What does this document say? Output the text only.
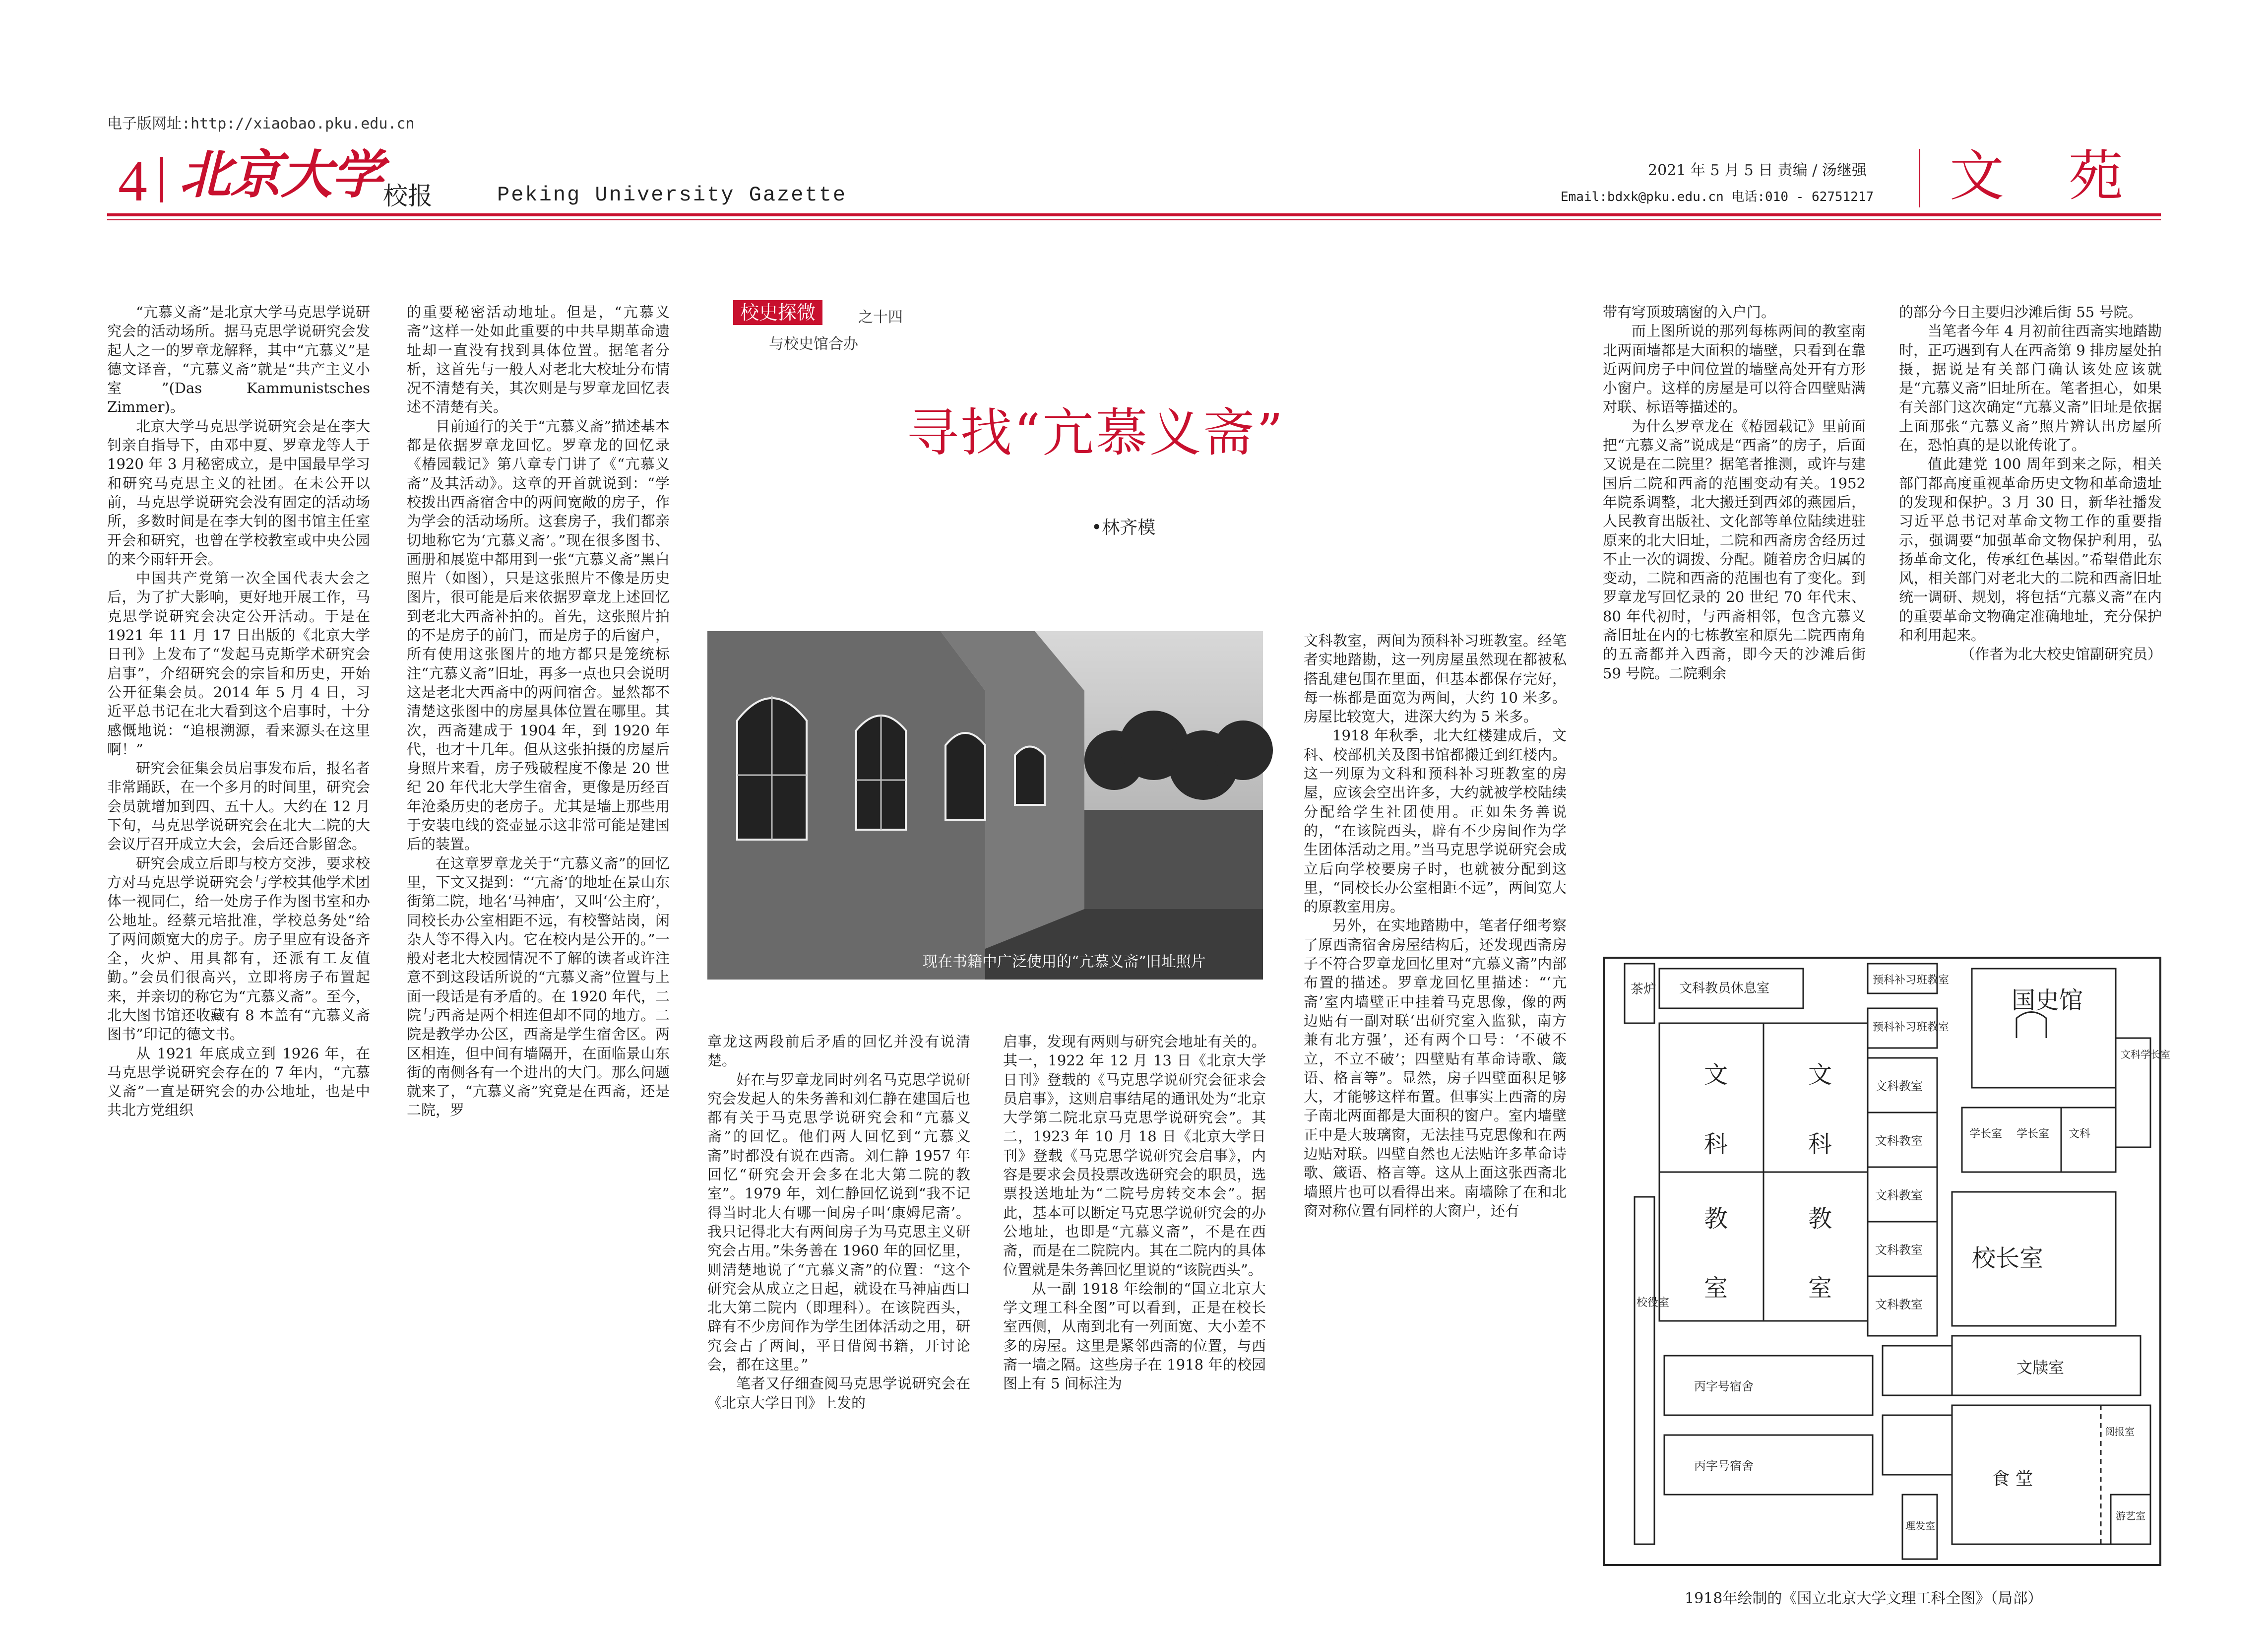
电子版网址:http://xiaobao.pku.edu.cn
4 北京大学 校报	Peking University Gazette
2021 年 5 月 5 日 责编 / 汤继强
Email:bdxk@pku.edu.cn 电话:010 - 62751217 文苑
校史探微	之十四
与校史馆合办
寻找“亢慕义斋”
•林齐模

“亢慕义斋”是北京大学马克思学说研究会的活动场所。据马克思学说研究会发起人之一的罗章龙解释，其中“亢慕义”是德文译音，“亢慕义斋”就是“共产主义小室”(Das Kammunistsches Zimmer)。

北京大学马克思学说研究会是在李大钊亲自指导下，由邓中夏、罗章龙等人于 1920 年 3 月秘密成立，是中国最早学习和研究马克思主义的社团。在未公开以前，马克思学说研究会没有固定的活动场所，多数时间是在李大钊的图书馆主任室开会和研究，也曾在学校教室或中央公园的来今雨轩开会。

中国共产党第一次全国代表大会之后，为了扩大影响，更好地开展工作，马克思学说研究会决定公开活动。于是在 1921 年 11 月 17 日出版的《北京大学日刊》上发布了“发起马克斯学术研究会启事”，介绍研究会的宗旨和历史，开始公开征集会员。2014 年 5 月 4 日，习近平总书记在北大看到这个启事时，十分感慨地说：“追根溯源，看来源头在这里啊！”

研究会征集会员启事发布后，报名者非常踊跃，在一个多月的时间里，研究会会员就增加到四、五十人。大约在 12 月下旬，马克思学说研究会在北大二院的大会议厅召开成立大会，会后还合影留念。

研究会成立后即与校方交涉，要求校方对马克思学说研究会与学校其他学术团体一视同仁，给一处房子作为图书室和办公地址。经蔡元培批准，学校总务处“给了两间颇宽大的房子。房子里应有设备齐全，火炉、用具都有，还派有工友值勤。”会员们很高兴，立即将房子布置起来，并亲切的称它为“亢慕义斋”。至今，北大图书馆还收藏有 8 本盖有“亢慕义斋图书”印记的德文书。

从 1921 年底成立到 1926 年，在马克思学说研究会存在的 7 年内，“亢慕义斋”一直是研究会的办公地址，也是中共北方党组织

的重要秘密活动地址。但是，“亢慕义斋”这样一处如此重要的中共早期革命遗址却一直没有找到具体位置。据笔者分析，这首先与一般人对老北大校址分布情况不清楚有关，其次则是与罗章龙回忆表述不清楚有关。

目前通行的关于“亢慕义斋”描述基本都是依据罗章龙回忆。罗章龙的回忆录《椿园载记》第八章专门讲了《“亢慕义斋”及其活动》。这章的开首就说到：“学校拨出西斋宿舍中的两间宽敞的房子，作为学会的活动场所。这套房子，我们都亲切地称它为‘亢慕义斋’。”现在很多图书、画册和展览中都用到一张“亢慕义斋”黑白照片（如图），只是这张照片不像是历史图片，很可能是后来依据罗章龙上述回忆到老北大西斋补拍的。首先，这张照片拍的不是房子的前门，而是房子的后窗户，所有使用这张图片的地方都只是笼统标注“亢慕义斋”旧址，再多一点也只会说明这是老北大西斋中的两间宿舍。显然都不清楚这张图中的房屋具体位置在哪里。其次，西斋建成于 1904 年，到 1920 年代，也才十几年。但从这张拍摄的房屋后身照片来看，房子残破程度不像是 20 世纪 20 年代北大学生宿舍，更像是历经百年沧桑历史的老房子。尤其是墙上那些用于安装电线的瓷壶显示这非常可能是建国后的装置。

在这章罗章龙关于“亢慕义斋”的回忆里，下文又提到：“‘亢斋’的地址在景山东街第二院，地名‘马神庙’，又叫‘公主府’，同校长办公室相距不远，有校警站岗，闲杂人等不得入内。它在校内是公开的。”一般对老北大校园情况不了解的读者或许注意不到这段话所说的“亢慕义斋”位置与上面一段话是有矛盾的。在 1920 年代，二院与西斋是两个相连但却不同的地方。二院是教学办公区，西斋是学生宿舍区。两区相连，但中间有墙隔开，在面临景山东街的南侧各有一个进出的大门。那么问题就来了，“亢慕义斋”究竟是在西斋，还是二院，罗

现在书籍中广泛使用的“亢慕义斋”旧址照片

章龙这两段前后矛盾的回忆并没有说清楚。

好在与罗章龙同时列名马克思学说研究会发起人的朱务善和刘仁静在建国后也都有关于马克思学说研究会和“亢慕义斋”的回忆。他们两人回忆到“亢慕义斋”时都没有说在西斋。刘仁静 1957 年回忆“研究会开会多在北大第二院的教室”。1979 年，刘仁静回忆说到“我不记得当时北大有哪一间房子叫‘康姆尼斋’。我只记得北大有两间房子为马克思主义研究会占用。”朱务善在 1960 年的回忆里，则清楚地说了“亢慕义斋”的位置：“这个研究会从成立之日起，就设在马神庙西口北大第二院内（即理科）。在该院西头，辟有不少房间作为学生团体活动之用，研究会占了两间，平日借阅书籍，开讨论会，都在这里。”

笔者又仔细查阅马克思学说研究会在《北京大学日刊》上发的

启事，发现有两则与研究会地址有关的。其一，1922 年 12 月 13 日《北京大学日刊》登载的《马克思学说研究会征求会员启事》，这则启事结尾的通讯处为“北京大学第二院北京马克思学说研究会”。其二，1923 年 10 月 18 日《北京大学日刊》登载《马克思学说研究会启事》，内容是要求会员投票改选研究会的职员，选票投送地址为“二院号房转交本会”。据此，基本可以断定马克思学说研究会的办公地址，也即是“亢慕义斋”，不是在西斋，而是在二院院内。其在二院内的具体位置就是朱务善回忆里说的“该院西头”。

从一副 1918 年绘制的“国立北京大学文理工科全图”可以看到，正是在校长室西侧，从南到北有一列面宽、大小差不多的房屋。这里是紧邻西斋的位置，与西斋一墙之隔。这些房子在 1918 年的校园图上有 5 间标注为

文科教室，两间为预科补习班教室。经笔者实地踏勘，这一列房屋虽然现在都被私搭乱建包围在里面，但基本都保存完好，每一栋都是面宽为两间，大约 10 米多。房屋比较宽大，进深大约为 5 米多。

1918 年秋季，北大红楼建成后，文科、校部机关及图书馆都搬迁到红楼内。这一列原为文科和预科补习班教室的房屋，应该会空出许多，大约就被学校陆续分配给学生社团使用。正如朱务善说的，“在该院西头，辟有不少房间作为学生团体活动之用。”当马克思学说研究会成立后向学校要房子时，也就被分配到这里，“同校长办公室相距不远”，两间宽大的原教室用房。

另外，在实地踏勘中，笔者仔细考察了原西斋宿舍房屋结构后，还发现西斋房子不符合罗章龙回忆里对“亢慕义斋”内部布置的描述。罗章龙回忆里描述：“‘亢斋’室内墙壁正中挂着马克思像，像的两边贴有一副对联‘出研究室入监狱，南方兼有北方强’，还有两个口号：‘不破不立，不立不破’；四壁贴有革命诗歌、箴语、格言等”。显然，房子四壁面积足够大，才能够这样布置。但事实上西斋的房子南北两面都是大面积的窗户。室内墙壁正中是大玻璃窗，无法挂马克思像和在两边贴对联。四壁自然也无法贴许多革命诗歌、箴语、格言等。这从上面这张西斋北墙照片也可以看得出来。南墙除了在和北窗对称位置有同样的大窗户，还有

带有穹顶玻璃窗的入户门。

而上图所说的那列每栋两间的教室南北两面墙都是大面积的墙壁，只看到在靠近两间房子中间位置的墙壁高处开有方形小窗户。这样的房屋是可以符合四壁贴满对联、标语等描述的。

为什么罗章龙在《椿园载记》里前面把“亢慕义斋”说成是“西斋”的房子，后面又说是在二院里？据笔者推测，或许与建国后二院和西斋的范围变动有关。1952 年院系调整，北大搬迁到西郊的燕园后，人民教育出版社、文化部等单位陆续进驻原来的北大旧址，二院和西斋房舍经历过不止一次的调拨、分配。随着房舍归属的变动，二院和西斋的范围也有了变化。到罗章龙写回忆录的 20 世纪 70 年代末、80 年代初时，与西斋相邻，包含亢慕义斋旧址在内的七栋教室和原先二院西南角的五斋都并入西斋，即今天的沙滩后街 59 号院。二院剩余

的部分今日主要归沙滩后街 55 号院。

当笔者今年 4 月初前往西斋实地踏勘时，正巧遇到有人在西斋第 9 排房屋处拍摄，据说是有关部门确认该处应该就是“亢慕义斋”旧址所在。笔者担心，如果有关部门这次确定“亢慕义斋”旧址是依据上面那张“亢慕义斋”照片辨认出房屋所在，恐怕真的是以讹传讹了。

值此建党 100 周年到来之际，相关部门都高度重视革命历史文物和革命遗址的发现和保护。3 月 30 日，新华社播发习近平总书记对革命文物工作的重要指示，强调要“加强革命文物保护利用，弘扬革命文化，传承红色基因。”希望借此东风，相关部门对老北大的二院和西斋旧址统一调研、规划，将包括“亢慕义斋”在内的重要革命文物确定准确地址，充分保护和利用起来。

（作者为北大校史馆副研究员）

茶炉 文科教员休息室
预科补习班教室
预科补习班教室
国史馆
文	文
科	科
教	教
室	室
文科教室
文科教室
文科教室
文科教室
文科教室
文科学长室
学长室 学长室 文科
校长室
校役室
文牍室
丙字号宿舍
丙字号宿舍
食 堂
阅报室
理发室
游艺室
1918年绘制的《国立北京大学文理工科全图》（局部）
